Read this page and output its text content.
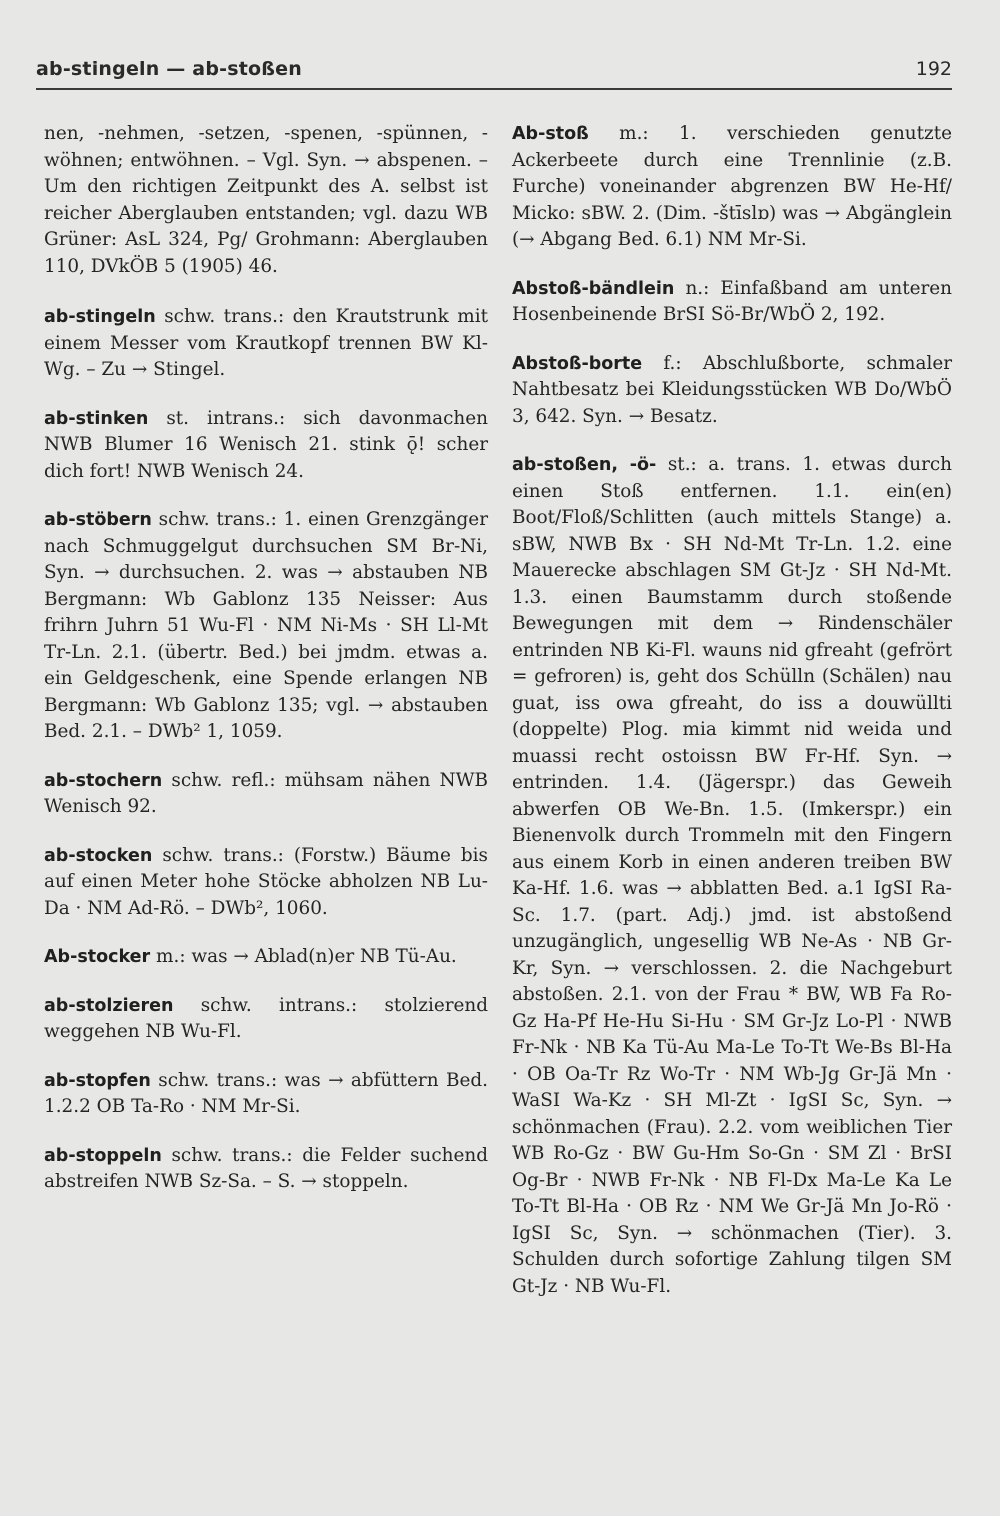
ab-stingeln — ab-stoßen	192

nen, -nehmen, -setzen, -spenen, -spünnen, -wöhnen; entwöhnen. – Vgl. Syn. → abspenen. – Um den richtigen Zeitpunkt des A. selbst ist reicher Aberglauben entstanden; vgl. dazu WB Grüner: AsL 324, Pg/ Grohmann: Aberglauben 110, DVkÖB 5 (1905) 46.

ab-stingeln schw. trans.: den Krautstrunk mit einem Messer vom Krautkopf trennen BW Kl-Wg. – Zu → Stingel.

ab-stinken st. intrans.: sich davonmachen NWB Blumer 16 Wenisch 21. stink ǭ! scher dich fort! NWB Wenisch 24.

ab-stöbern schw. trans.: 1. einen Grenzgänger nach Schmuggelgut durchsuchen SM Br-Ni, Syn. → durchsuchen. 2. was → abstauben NB Bergmann: Wb Gablonz 135 Neisser: Aus frihrn Juhrn 51 Wu-Fl · NM Ni-Ms · SH Ll-Mt Tr-Ln. 2.1. (übertr. Bed.) bei jmdm. etwas a. ein Geldgeschenk, eine Spende erlangen NB Bergmann: Wb Gablonz 135; vgl. → abstauben Bed. 2.1. – DWb² 1, 1059.

ab-stochern schw. refl.: mühsam nähen NWB Wenisch 92.

ab-stocken schw. trans.: (Forstw.) Bäume bis auf einen Meter hohe Stöcke abholzen NB Lu-Da · NM Ad-Rö. – DWb², 1060.

Ab-stocker m.: was → Ablad(n)er NB Tü-Au.

ab-stolzieren schw. intrans.: stolzierend weggehen NB Wu-Fl.

ab-stopfen schw. trans.: was → abfüttern Bed. 1.2.2 OB Ta-Ro · NM Mr-Si.

ab-stoppeln schw. trans.: die Felder suchend abstreifen NWB Sz-Sa. – S. → stoppeln.

Ab-stoß m.: 1. verschieden genutzte Ackerbeete durch eine Trennlinie (z.B. Furche) voneinander abgrenzen BW He-Hf/ Micko: sBW. 2. (Dim. -štīslɒ) was → Abgänglein (→ Abgang Bed. 6.1) NM Mr-Si.

Abstoß-bändlein n.: Einfaßband am unteren Hosenbeinende BrSI Sö-Br/WbÖ 2, 192.

Abstoß-borte f.: Abschlußborte, schmaler Nahtbesatz bei Kleidungsstücken WB Do/WbÖ 3, 642. Syn. → Besatz.

ab-stoßen, -ö- st.: a. trans. 1. etwas durch einen Stoß entfernen. 1.1. ein(en) Boot/Floß/Schlitten (auch mittels Stange) a. sBW, NWB Bx · SH Nd-Mt Tr-Ln. 1.2. eine Mauerecke abschlagen SM Gt-Jz · SH Nd-Mt. 1.3. einen Baumstamm durch stoßende Bewegungen mit dem → Rindenschäler entrinden NB Ki-Fl. wauns nid gfreaht (gefrört = gefroren) is, geht dos Schülln (Schälen) nau guat, iss owa gfreaht, do iss a douwüllti (doppelte) Plog. mia kimmt nid weida und muassi recht ostoissn BW Fr-Hf. Syn. → entrinden. 1.4. (Jägerspr.) das Geweih abwerfen OB We-Bn. 1.5. (Imkerspr.) ein Bienenvolk durch Trommeln mit den Fingern aus einem Korb in einen anderen treiben BW Ka-Hf. 1.6. was → abblatten Bed. a.1 IgSI Ra-Sc. 1.7. (part. Adj.) jmd. ist abstoßend unzugänglich, ungesellig WB Ne-As · NB Gr-Kr, Syn. → verschlossen. 2. die Nachgeburt abstoßen. 2.1. von der Frau * BW, WB Fa Ro-Gz Ha-Pf He-Hu Si-Hu · SM Gr-Jz Lo-Pl · NWB Fr-Nk · NB Ka Tü-Au Ma-Le To-Tt We-Bs Bl-Ha · OB Oa-Tr Rz Wo-Tr · NM Wb-Jg Gr-Jä Mn · WaSI Wa-Kz · SH Ml-Zt · IgSI Sc, Syn. → schönmachen (Frau). 2.2. vom weiblichen Tier WB Ro-Gz · BW Gu-Hm So-Gn · SM Zl · BrSI Og-Br · NWB Fr-Nk · NB Fl-Dx Ma-Le Ka Le To-Tt Bl-Ha · OB Rz · NM We Gr-Jä Mn Jo-Rö · IgSI Sc, Syn. → schönmachen (Tier). 3. Schulden durch sofortige Zahlung tilgen SM Gt-Jz · NB Wu-Fl.
